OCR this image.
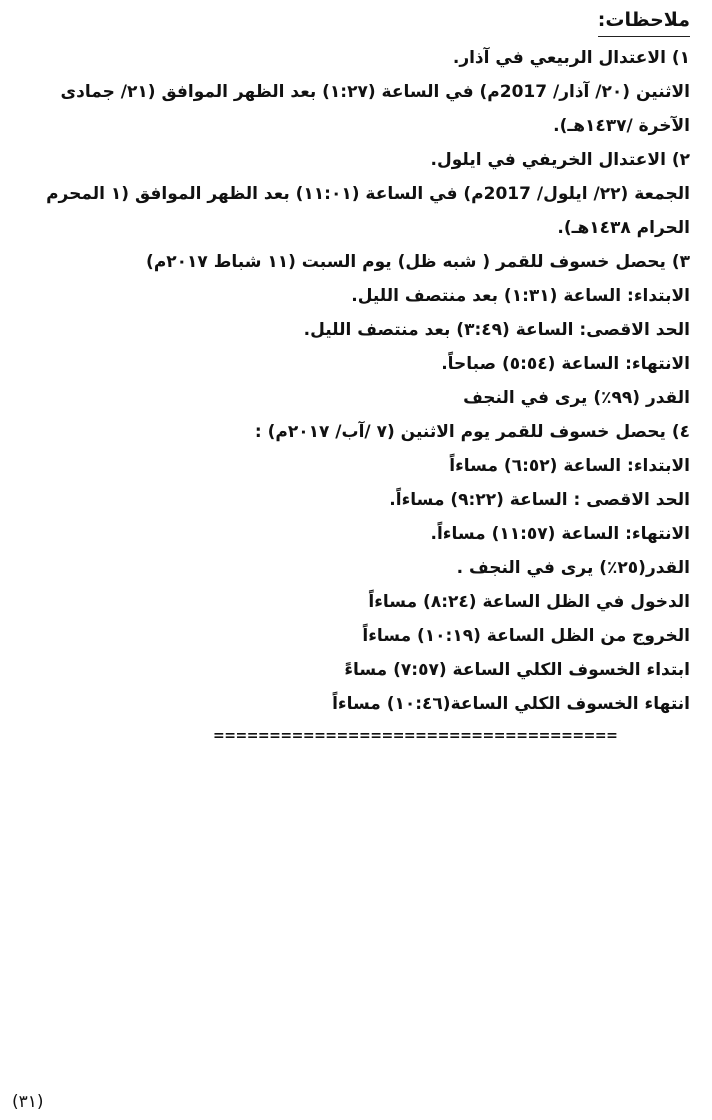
ملاحظات:
١) الاعتدال الربيعي في آذار.
الاثنين (٢٠/ آذار/ 2017م) في الساعة (١:٢٧) بعد الظهر الموافق (٢١/ جمادى الآخرة /١٤٣٧هـ).
٢) الاعتدال الخريفي في ايلول.
الجمعة (٢٢/ ايلول/ 2017م) في الساعة (١١:٠١) بعد الظهر الموافق (١ المحرم الحرام ١٤٣٨هـ).
٣) يحصل خسوف للقمر ( شبه ظل) يوم السبت (١١ شباط ٢٠١٧م)
الابتداء: الساعة (١:٣١) بعد منتصف الليل.
الحد الاقصى: الساعة (٣:٤٩) بعد منتصف الليل.
الانتهاء: الساعة (٥:٥٤) صباحاً.
القدر (٩٩٪) يرى في النجف
٤) يحصل خسوف للقمر يوم الاثنين (٧ /آب/ ٢٠١٧م) :
الابتداء: الساعة (٦:٥٢) مساءاً
الحد الاقصى : الساعة (٩:٢٢) مساءاً.
الانتهاء: الساعة (١١:٥٧) مساءاً.
القدر(٢٥٪) يرى في النجف .
الدخول في الظل الساعة (٨:٢٤) مساءاً
الخروج من الظل الساعة (١٠:١٩) مساءاً
ابتداء الخسوف الكلي الساعة (٧:٥٧) مساءً
انتهاء الخسوف الكلي الساعة(١٠:٤٦) مساءاً
====================================
(٣١)
